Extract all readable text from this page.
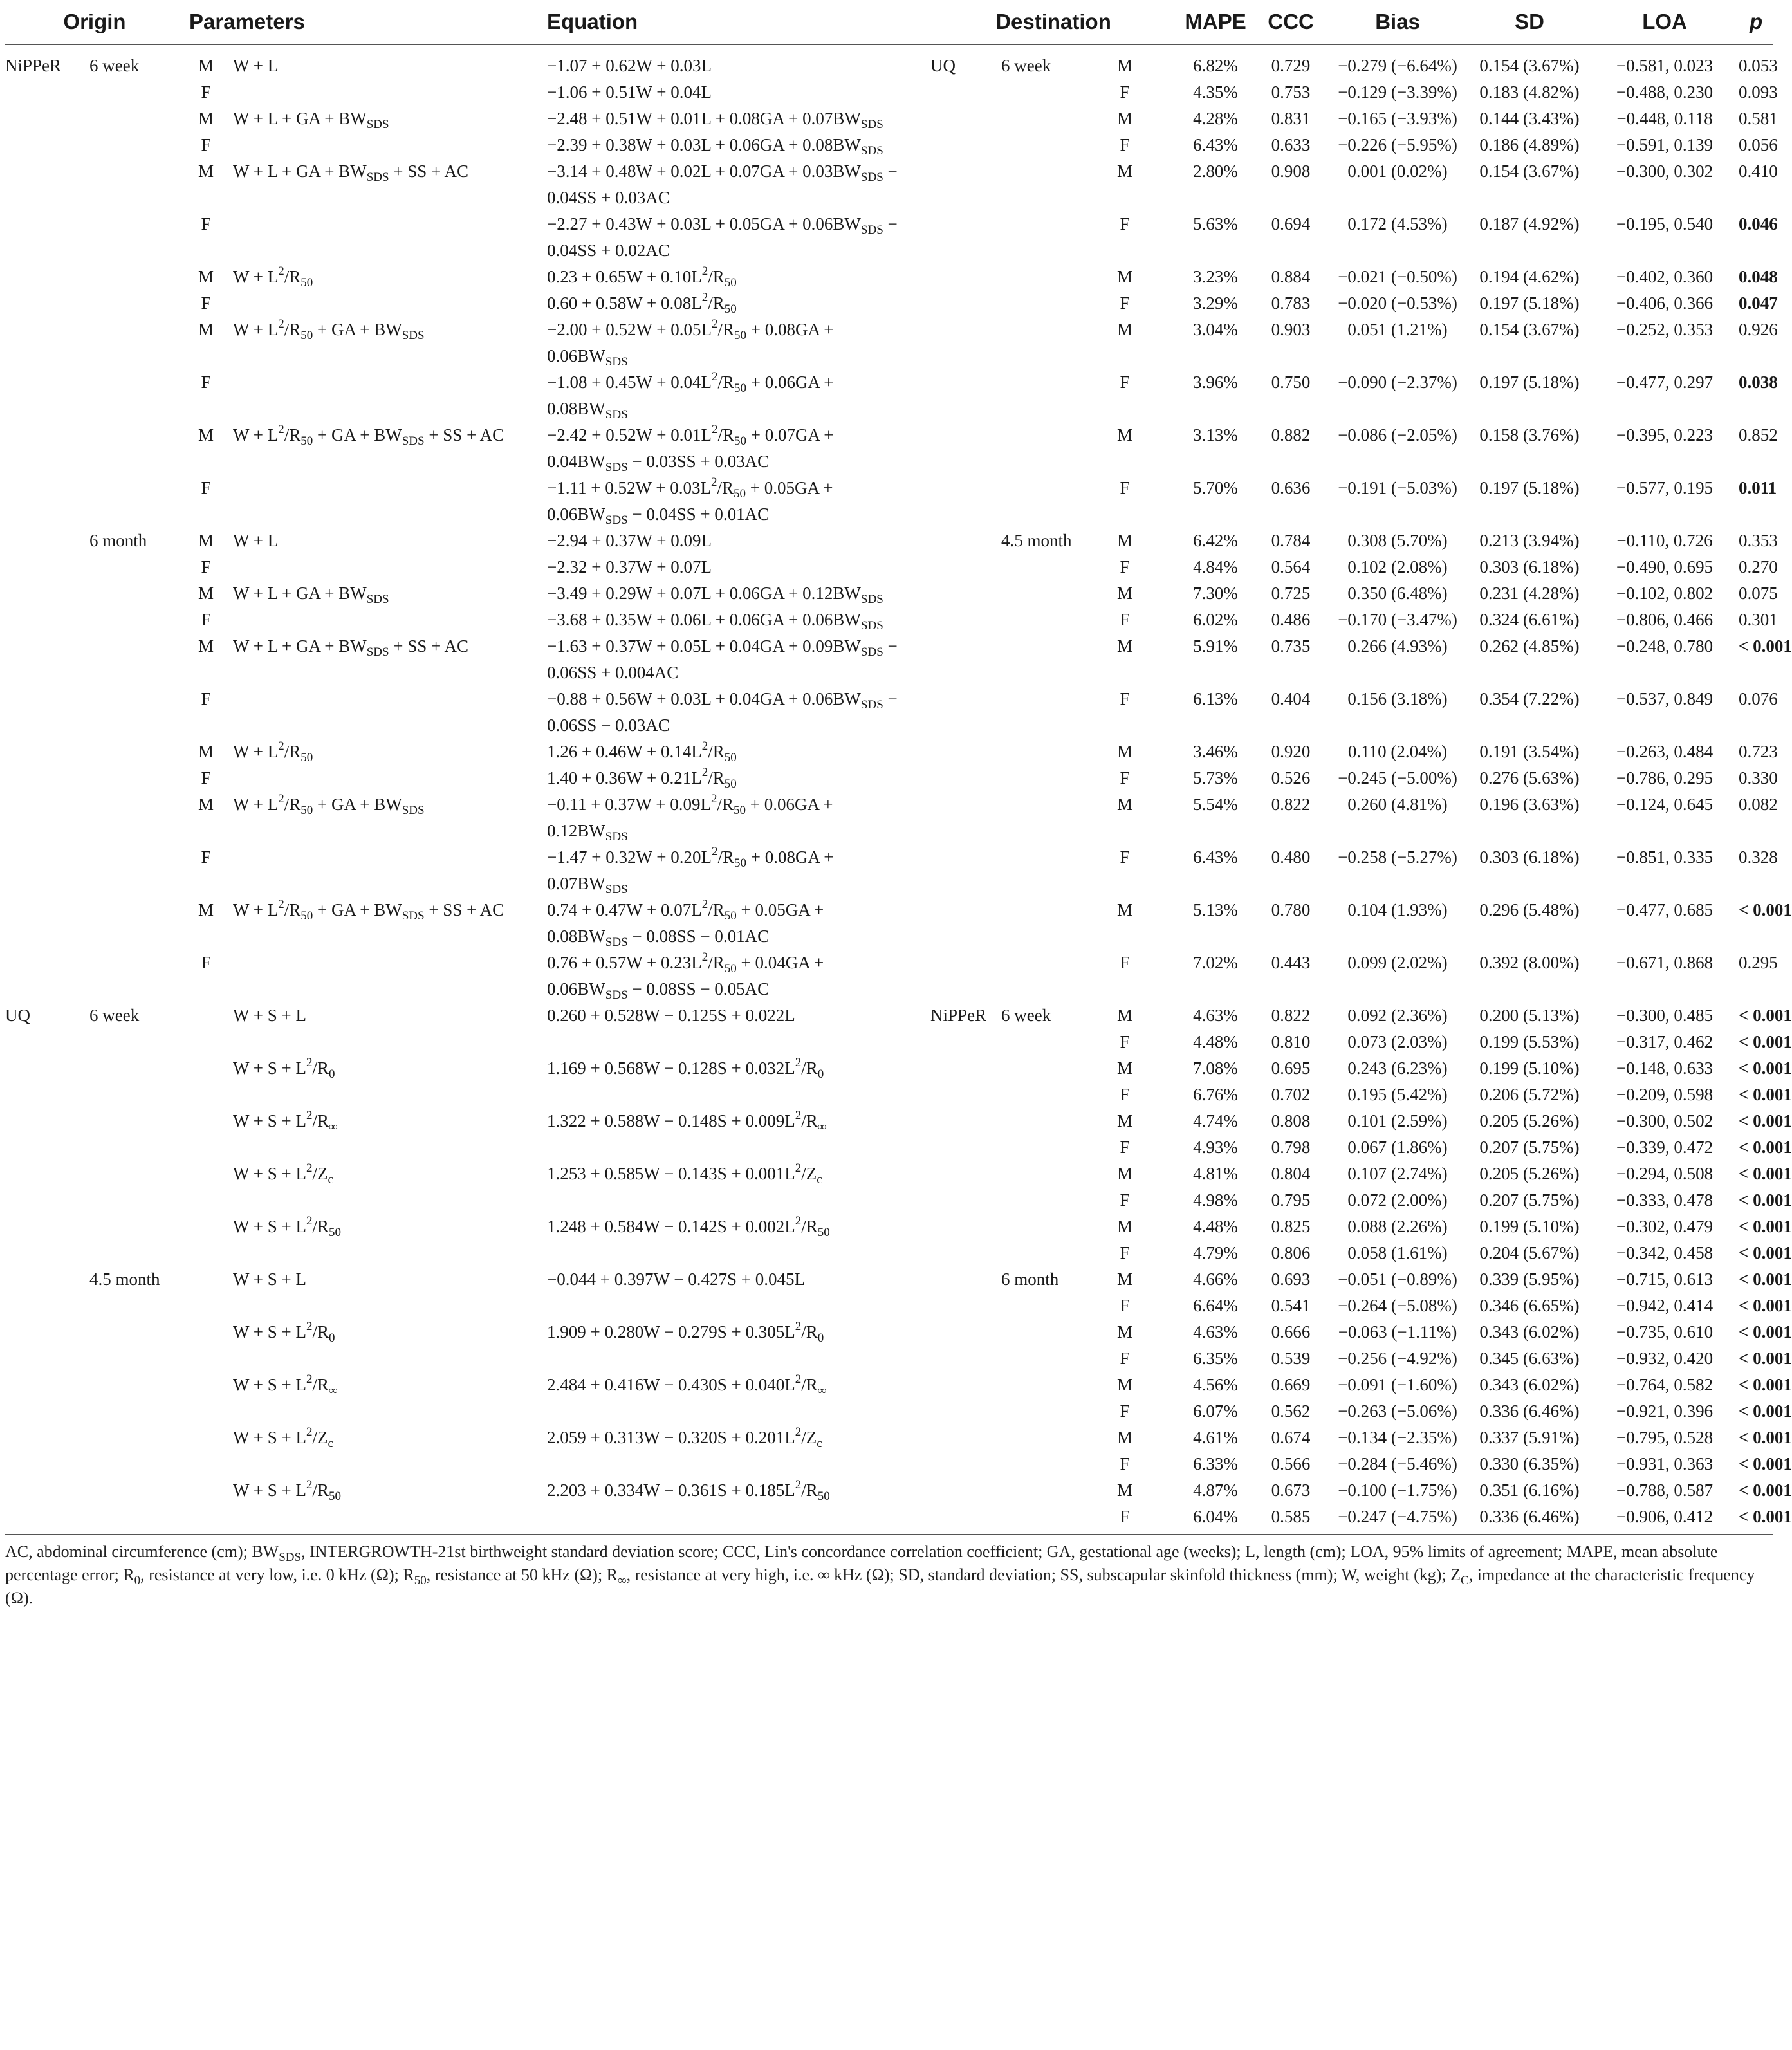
Origin		Parameters		Equation	Destination			MAPE	CCC	Bias	SD	LOA	p
NiPPeR	6 week	M	W + L	−1.07 + 0.62W + 0.03L	UQ	6 week	M	6.82%	0.729	−0.279 (−6.64%)	0.154 (3.67%)	−0.581, 0.023	0.053
		F		−1.06 + 0.51W + 0.04L			F	4.35%	0.753	−0.129 (−3.39%)	0.183 (4.82%)	−0.488, 0.230	0.093
		M	W + L + GA + $BW_{SDS}$	$-2.48 + 0.51W + 0.01L + 0.08GA + 0.07BW_{SDS}$			M	4.28%	0.831	−0.165 (−3.93%)	0.144 (3.43%)	−0.448, 0.118	0.581
		F		$-2.39 + 0.38W + 0.03L + 0.06GA + 0.08BW_{SDS}$			F	6.43%	0.633	−0.226 (−5.95%)	0.186 (4.89%)	−0.591, 0.139	0.056
		M	W + L + GA + $BW_{SDS}$ + SS + AC	$-3.14 + 0.48W + 0.02L + 0.07GA + 0.03BW_{SDS} - 0.04SS + 0.03AC$			M	2.80%	0.908	0.001 (0.02%)	0.154 (3.67%)	−0.300, 0.302	0.410
		F		$-2.27 + 0.43W + 0.03L + 0.05GA + 0.06BW_{SDS} - 0.04SS + 0.02AC$			F	5.63%	0.694	0.172 (4.53%)	0.187 (4.92%)	−0.195, 0.540	0.046
		M	$W + L^2/R_{50}$	$0.23 + 0.65W + 0.10L^2/R_{50}$			M	3.23%	0.884	−0.021 (−0.50%)	0.194 (4.62%)	−0.402, 0.360	0.048
		F		$0.60 + 0.58W + 0.08L^2/R_{50}$			F	3.29%	0.783	−0.020 (−0.53%)	0.197 (5.18%)	−0.406, 0.366	0.047
		M	$W + L^2/R_{50}$ + GA + $BW_{SDS}$	$-2.00 + 0.52W + 0.05L^2/R_{50} + 0.08GA + 0.06BW_{SDS}$			M	3.04%	0.903	0.051 (1.21%)	0.154 (3.67%)	−0.252, 0.353	0.926
		F		$-1.08 + 0.45W + 0.04L^2/R_{50} + 0.06GA + 0.08BW_{SDS}$			F	3.96%	0.750	−0.090 (−2.37%)	0.197 (5.18%)	−0.477, 0.297	0.038
		M	$W + L^2/R_{50}$ + GA + $BW_{SDS}$ + SS + AC	$-2.42 + 0.52W + 0.01L^2/R_{50} + 0.07GA + 0.04BW_{SDS} - 0.03SS + 0.03AC$			M	3.13%	0.882	−0.086 (−2.05%)	0.158 (3.76%)	−0.395, 0.223	0.852
		F		$-1.11 + 0.52W + 0.03L^2/R_{50} + 0.05GA + 0.06BW_{SDS} - 0.04SS + 0.01AC$			F	5.70%	0.636	−0.191 (−5.03%)	0.197 (5.18%)	−0.577, 0.195	0.011
	6 month	M	W + L	−2.94 + 0.37W + 0.09L		4.5 month	M	6.42%	0.784	0.308 (5.70%)	0.213 (3.94%)	−0.110, 0.726	0.353
		F		−2.32 + 0.37W + 0.07L			F	4.84%	0.564	0.102 (2.08%)	0.303 (6.18%)	−0.490, 0.695	0.270
		M	W + L + GA + $BW_{SDS}$	$-3.49 + 0.29W + 0.07L + 0.06GA + 0.12BW_{SDS}$			M	7.30%	0.725	0.350 (6.48%)	0.231 (4.28%)	−0.102, 0.802	0.075
		F		$-3.68 + 0.35W + 0.06L + 0.06GA + 0.06BW_{SDS}$			F	6.02%	0.486	−0.170 (−3.47%)	0.324 (6.61%)	−0.806, 0.466	0.301
		M	W + L + GA + $BW_{SDS}$ + SS + AC	$-1.63 + 0.37W + 0.05L + 0.04GA + 0.09BW_{SDS} - 0.06SS + 0.004AC$			M	5.91%	0.735	0.266 (4.93%)	0.262 (4.85%)	−0.248, 0.780	< 0.001
		F		$-0.88 + 0.56W + 0.03L + 0.04GA + 0.06BW_{SDS} - 0.06SS - 0.03AC$			F	6.13%	0.404	0.156 (3.18%)	0.354 (7.22%)	−0.537, 0.849	0.076
		M	$W + L^2/R_{50}$	$1.26 + 0.46W + 0.14L^2/R_{50}$			M	3.46%	0.920	0.110 (2.04%)	0.191 (3.54%)	−0.263, 0.484	0.723
		F		$1.40 + 0.36W + 0.21L^2/R_{50}$			F	5.73%	0.526	−0.245 (−5.00%)	0.276 (5.63%)	−0.786, 0.295	0.330
		M	$W + L^2/R_{50}$ + GA + $BW_{SDS}$	$-0.11 + 0.37W + 0.09L^2/R_{50} + 0.06GA + 0.12BW_{SDS}$			M	5.54%	0.822	0.260 (4.81%)	0.196 (3.63%)	−0.124, 0.645	0.082
		F		$-1.47 + 0.32W + 0.20L^2/R_{50} + 0.08GA + 0.07BW_{SDS}$			F	6.43%	0.480	−0.258 (−5.27%)	0.303 (6.18%)	−0.851, 0.335	0.328
		M	$W + L^2/R_{50}$ + GA + $BW_{SDS}$ + SS + AC	$0.74 + 0.47W + 0.07L^2/R_{50} + 0.05GA + 0.08BW_{SDS} - 0.08SS - 0.01AC$			M	5.13%	0.780	0.104 (1.93%)	0.296 (5.48%)	−0.477, 0.685	< 0.001
		F		$0.76 + 0.57W + 0.23L^2/R_{50} + 0.04GA + 0.06BW_{SDS} - 0.08SS - 0.05AC$			F	7.02%	0.443	0.099 (2.02%)	0.392 (8.00%)	−0.671, 0.868	0.295
UQ	6 week		W + S + L	0.260 + 0.528W − 0.125S + 0.022L	NiPPeR	6 week	M	4.63%	0.822	0.092 (2.36%)	0.200 (5.13%)	−0.300, 0.485	< 0.001
							F	4.48%	0.810	0.073 (2.03%)	0.199 (5.53%)	−0.317, 0.462	< 0.001
			$W + S + L^2/R_0$	$1.169 + 0.568W - 0.128S + 0.032L^2/R_0$			M	7.08%	0.695	0.243 (6.23%)	0.199 (5.10%)	−0.148, 0.633	< 0.001
							F	6.76%	0.702	0.195 (5.42%)	0.206 (5.72%)	−0.209, 0.598	< 0.001
			$W + S + L^2/R_\infty$	$1.322 + 0.588W - 0.148S + 0.009L^2/R_\infty$			M	4.74%	0.808	0.101 (2.59%)	0.205 (5.26%)	−0.300, 0.502	< 0.001
							F	4.93%	0.798	0.067 (1.86%)	0.207 (5.75%)	−0.339, 0.472	< 0.001
			$W + S + L^2/Z_c$	$1.253 + 0.585W - 0.143S + 0.001L^2/Z_c$			M	4.81%	0.804	0.107 (2.74%)	0.205 (5.26%)	−0.294, 0.508	< 0.001
							F	4.98%	0.795	0.072 (2.00%)	0.207 (5.75%)	−0.333, 0.478	< 0.001
			$W + S + L^2/R_{50}$	$1.248 + 0.584W - 0.142S + 0.002L^2/R_{50}$			M	4.48%	0.825	0.088 (2.26%)	0.199 (5.10%)	−0.302, 0.479	< 0.001
							F	4.79%	0.806	0.058 (1.61%)	0.204 (5.67%)	−0.342, 0.458	< 0.001
	4.5 month		W + S + L	−0.044 + 0.397W − 0.427S + 0.045L		6 month	M	4.66%	0.693	−0.051 (−0.89%)	0.339 (5.95%)	−0.715, 0.613	< 0.001
							F	6.64%	0.541	−0.264 (−5.08%)	0.346 (6.65%)	−0.942, 0.414	< 0.001
			$W + S + L^2/R_0$	$1.909 + 0.280W - 0.279S + 0.305L^2/R_0$			M	4.63%	0.666	−0.063 (−1.11%)	0.343 (6.02%)	−0.735, 0.610	< 0.001
							F	6.35%	0.539	−0.256 (−4.92%)	0.345 (6.63%)	−0.932, 0.420	< 0.001
			$W + S + L^2/R_\infty$	$2.484 + 0.416W - 0.430S + 0.040L^2/R_\infty$			M	4.56%	0.669	−0.091 (−1.60%)	0.343 (6.02%)	−0.764, 0.582	< 0.001
							F	6.07%	0.562	−0.263 (−5.06%)	0.336 (6.46%)	−0.921, 0.396	< 0.001
			$W + S + L^2/Z_c$	$2.059 + 0.313W - 0.320S + 0.201L^2/Z_c$			M	4.61%	0.674	−0.134 (−2.35%)	0.337 (5.91%)	−0.795, 0.528	< 0.001
							F	6.33%	0.566	−0.284 (−5.46%)	0.330 (6.35%)	−0.931, 0.363	< 0.001
			$W + S + L^2/R_{50}$	$2.203 + 0.334W - 0.361S + 0.185L^2/R_{50}$			M	4.87%	0.673	−0.100 (−1.75%)	0.351 (6.16%)	−0.788, 0.587	< 0.001
							F	6.04%	0.585	−0.247 (−4.75%)	0.336 (6.46%)	−0.906, 0.412	< 0.001
AC, abdominal circumference (cm); $BW_{SDS}$, INTERGROWTH-21st birthweight standard deviation score; CCC, Lin's concordance correlation coefficient; GA, gestational age (weeks); L, length (cm); LOA, 95% limits of agreement; MAPE, mean absolute percentage error; $R_0$, resistance at very low, i.e. 0 kHz (Ω); $R_{50}$, resistance at 50 kHz (Ω); $R_\infty$, resistance at very high, i.e. ∞ kHz (Ω); SD, standard deviation; SS, subscapular skinfold thickness (mm); W, weight (kg); $Z_C$, impedance at the characteristic frequency (Ω).
